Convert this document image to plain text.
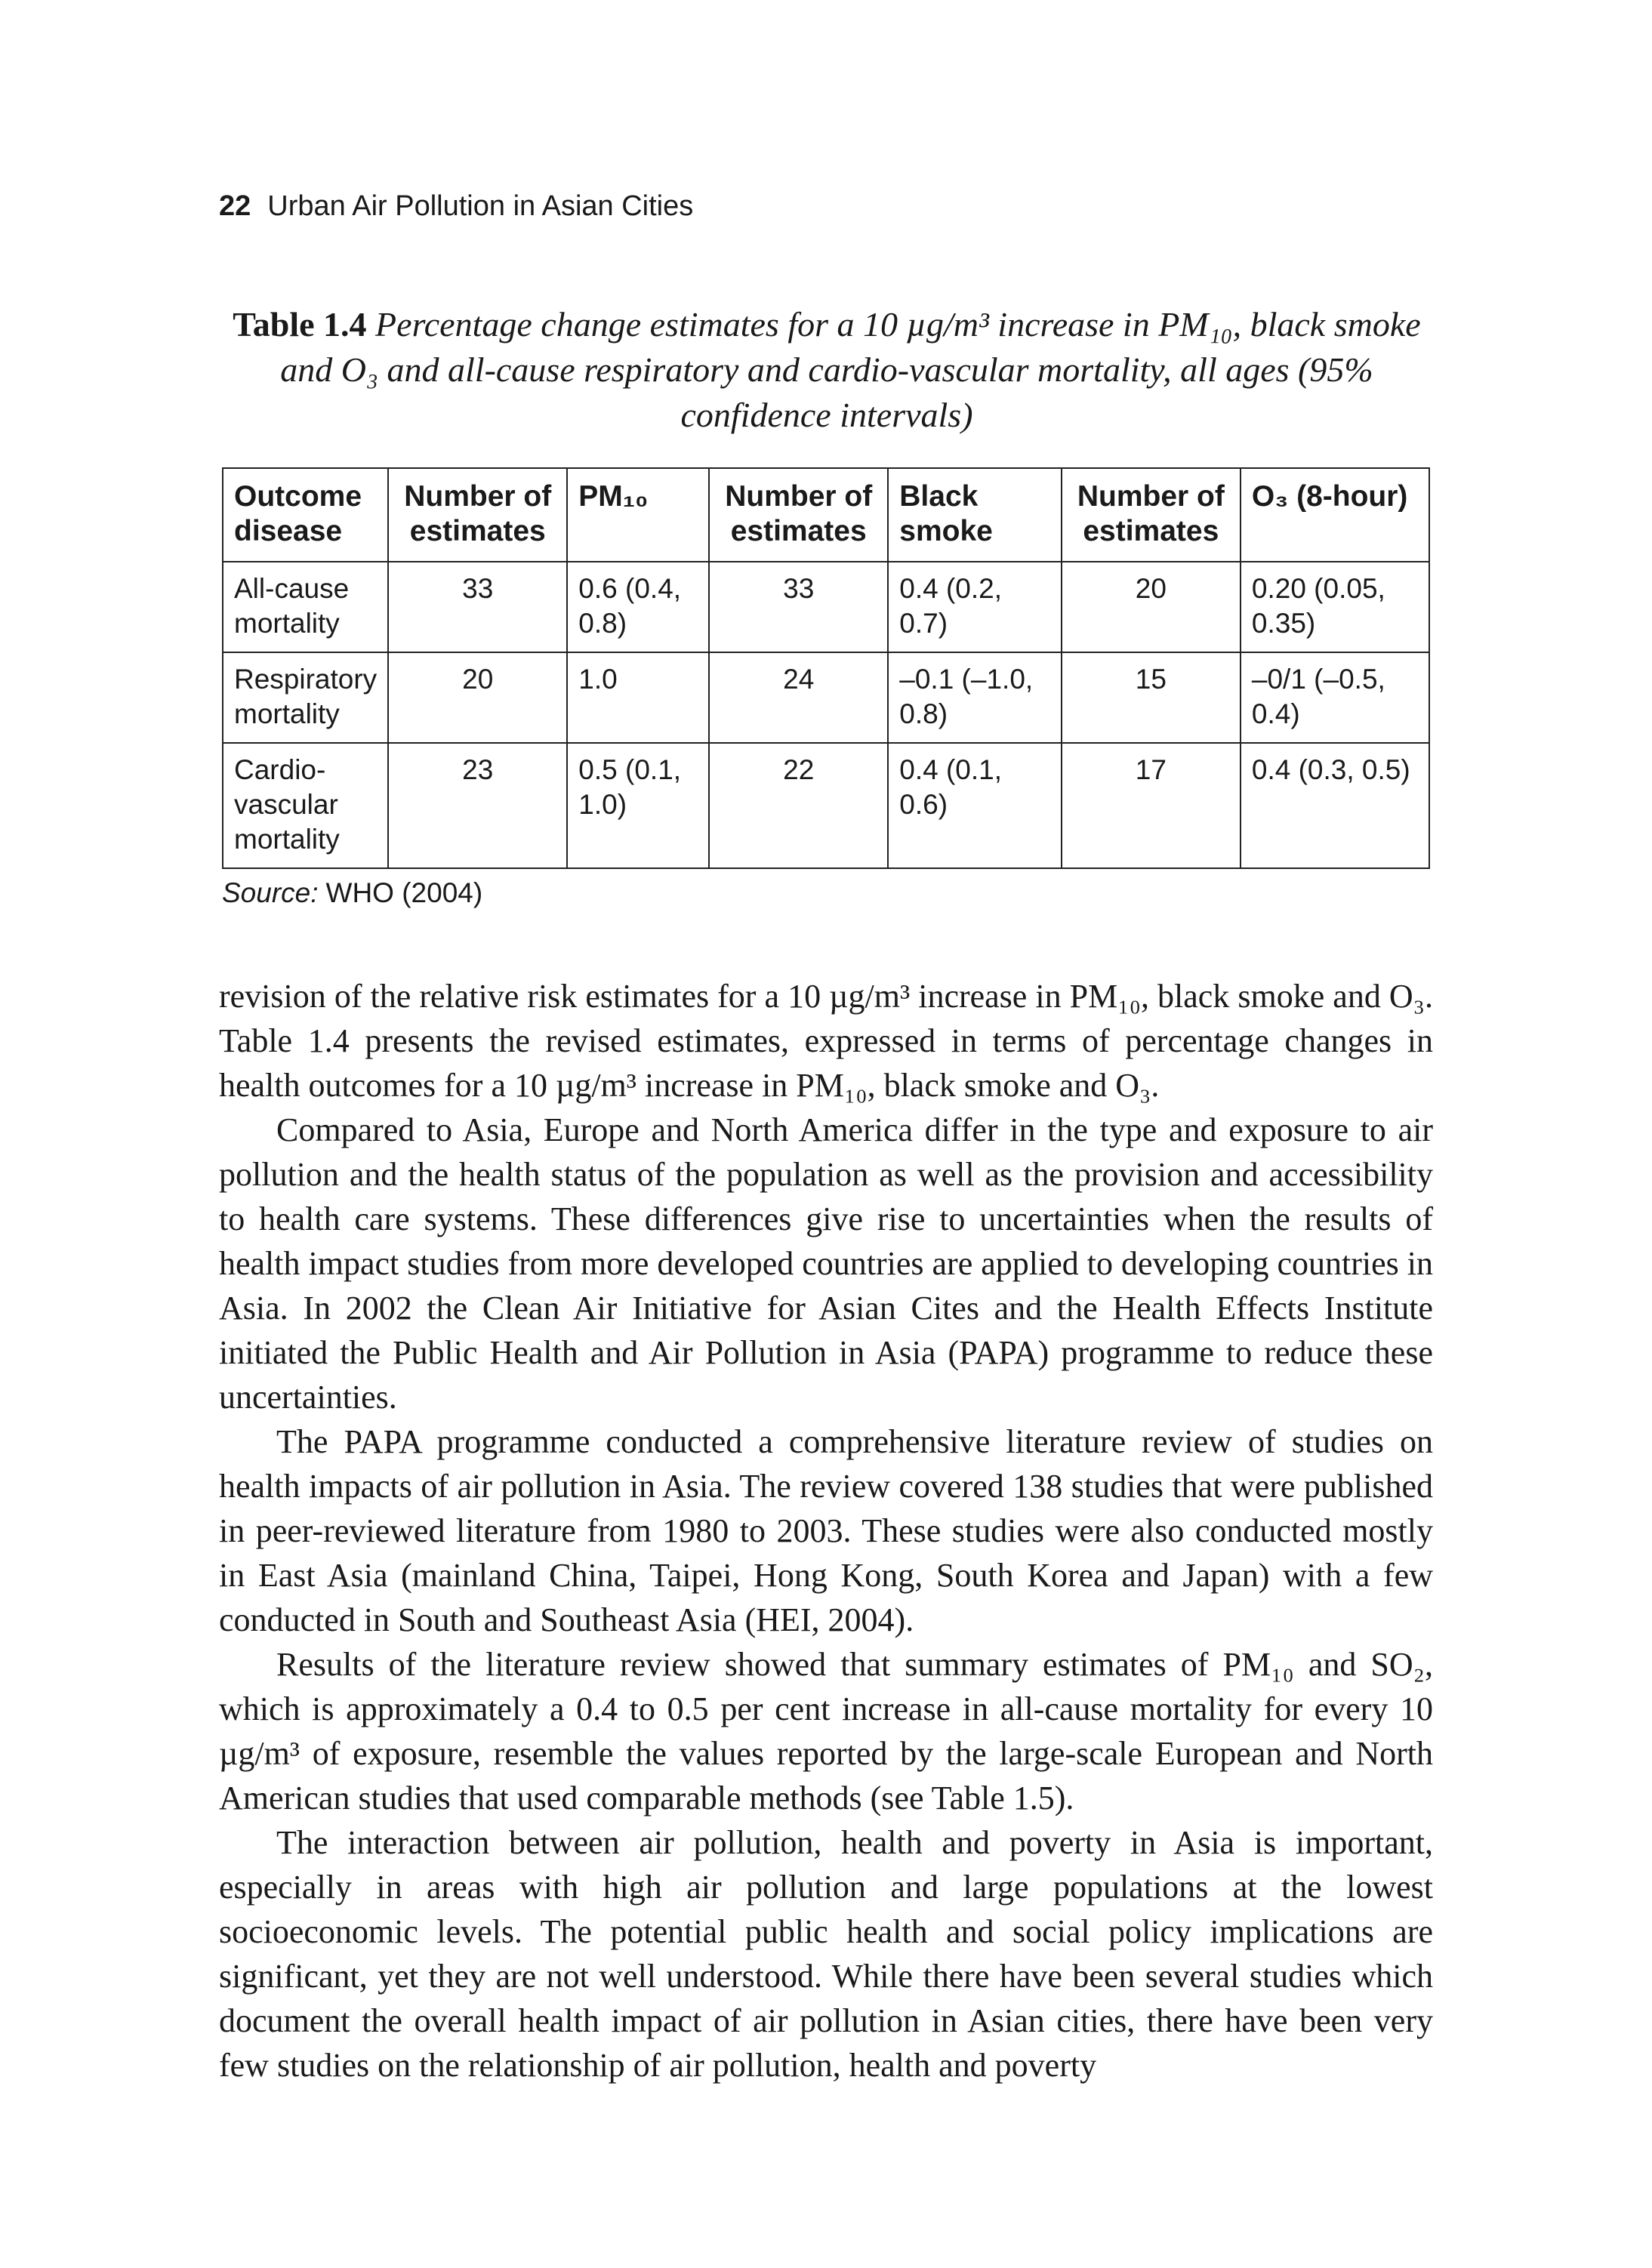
22 Urban Air Pollution in Asian Cities
Table 1.4 Percentage change estimates for a 10 µg/m³ increase in PM₁₀, black smoke and O₃ and all-cause respiratory and cardio-vascular mortality, all ages (95% confidence intervals)
Outcome disease	Number of estimates	PM₁₀	Number of estimates	Black smoke	Number of estimates	O₃ (8-hour)
All-cause mortality	33	0.6 (0.4, 0.8)	33	0.4 (0.2, 0.7)	20	0.20 (0.05, 0.35)
Respiratory mortality	20	1.0	24	–0.1 (–1.0, 0.8)	15	–0/1 (–0.5, 0.4)
Cardio-vascular mortality	23	0.5 (0.1, 1.0)	22	0.4 (0.1, 0.6)	17	0.4 (0.3, 0.5)
Source: WHO (2004)

revision of the relative risk estimates for a 10 µg/m³ increase in PM₁₀, black smoke and O₃. Table 1.4 presents the revised estimates, expressed in terms of percentage changes in health outcomes for a 10 µg/m³ increase in PM₁₀, black smoke and O₃.

Compared to Asia, Europe and North America differ in the type and exposure to air pollution and the health status of the population as well as the provision and accessibility to health care systems. These differences give rise to uncertainties when the results of health impact studies from more developed countries are applied to developing countries in Asia. In 2002 the Clean Air Initiative for Asian Cites and the Health Effects Institute initiated the Public Health and Air Pollution in Asia (PAPA) programme to reduce these uncertainties.

The PAPA programme conducted a comprehensive literature review of studies on health impacts of air pollution in Asia. The review covered 138 studies that were published in peer-reviewed literature from 1980 to 2003. These studies were also conducted mostly in East Asia (mainland China, Taipei, Hong Kong, South Korea and Japan) with a few conducted in South and Southeast Asia (HEI, 2004).

Results of the literature review showed that summary estimates of PM₁₀ and SO₂, which is approximately a 0.4 to 0.5 per cent increase in all-cause mortality for every 10 µg/m³ of exposure, resemble the values reported by the large-scale European and North American studies that used comparable methods (see Table 1.5).

The interaction between air pollution, health and poverty in Asia is important, especially in areas with high air pollution and large populations at the lowest socioeconomic levels. The potential public health and social policy implications are significant, yet they are not well understood. While there have been several studies which document the overall health impact of air pollution in Asian cities, there have been very few studies on the relationship of air pollution, health and poverty
